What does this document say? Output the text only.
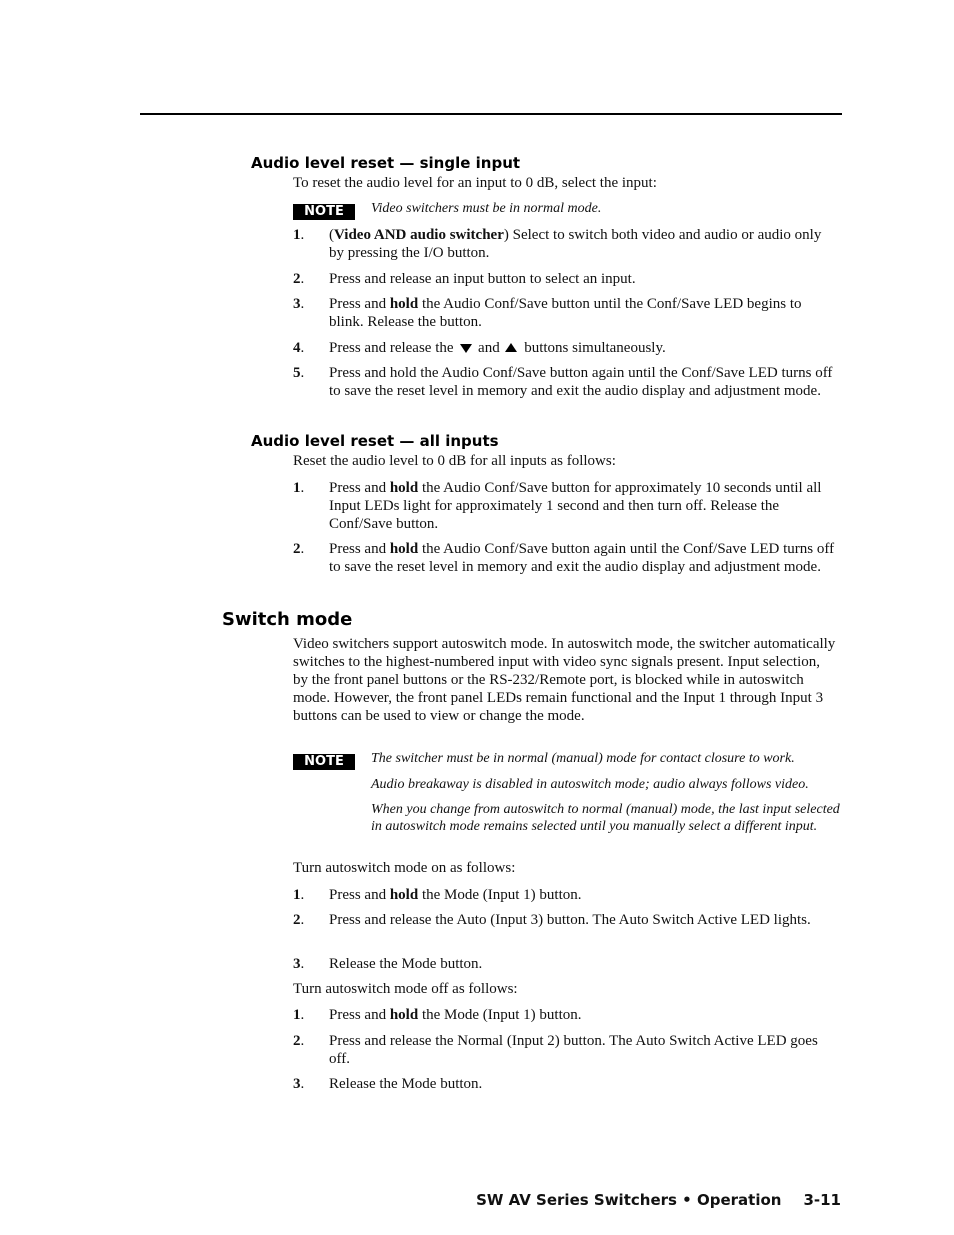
Audio level reset — single input
To reset the audio level for an input to 0 dB, select the input:
NOTE	Video switchers must be in normal mode.
1. (Video AND audio switcher) Select to switch both video and audio or audio only by pressing the I/O button.
2. Press and release an input button to select an input.
3. Press and hold the Audio Conf/Save button until the Conf/Save LED begins to blink. Release the button.
4. Press and release the and buttons simultaneously.
5. Press and hold the Audio Conf/Save button again until the Conf/Save LED turns off to save the reset level in memory and exit the audio display and adjustment mode.
Audio level reset — all inputs
Reset the audio level to 0 dB for all inputs as follows:
1. Press and hold the Audio Conf/Save button for approximately 10 seconds until all Input LEDs light for approximately 1 second and then turn off. Release the Conf/Save button.
2. Press and hold the Audio Conf/Save button again until the Conf/Save LED turns off to save the reset level in memory and exit the audio display and adjustment mode.
Switch mode
Video switchers support autoswitch mode. In autoswitch mode, the switcher automatically switches to the highest-numbered input with video sync signals present. Input selection, by the front panel buttons or the RS-232/Remote port, is blocked while in autoswitch mode. However, the front panel LEDs remain functional and the Input 1 through Input 3 buttons can be used to view or change the mode.
NOTE	The switcher must be in normal (manual) mode for contact closure to work.
Audio breakaway is disabled in autoswitch mode; audio always follows video.
When you change from autoswitch to normal (manual) mode, the last input selected in autoswitch mode remains selected until you manually select a different input.
Turn autoswitch mode on as follows:
1. Press and hold the Mode (Input 1) button.
2. Press and release the Auto (Input 3) button. The Auto Switch Active LED lights.
3. Release the Mode button.
Turn autoswitch mode off as follows:
1. Press and hold the Mode (Input 1) button.
2. Press and release the Normal (Input 2) button. The Auto Switch Active LED goes off.
3. Release the Mode button.
SW AV Series Switchers • Operation 3-11
